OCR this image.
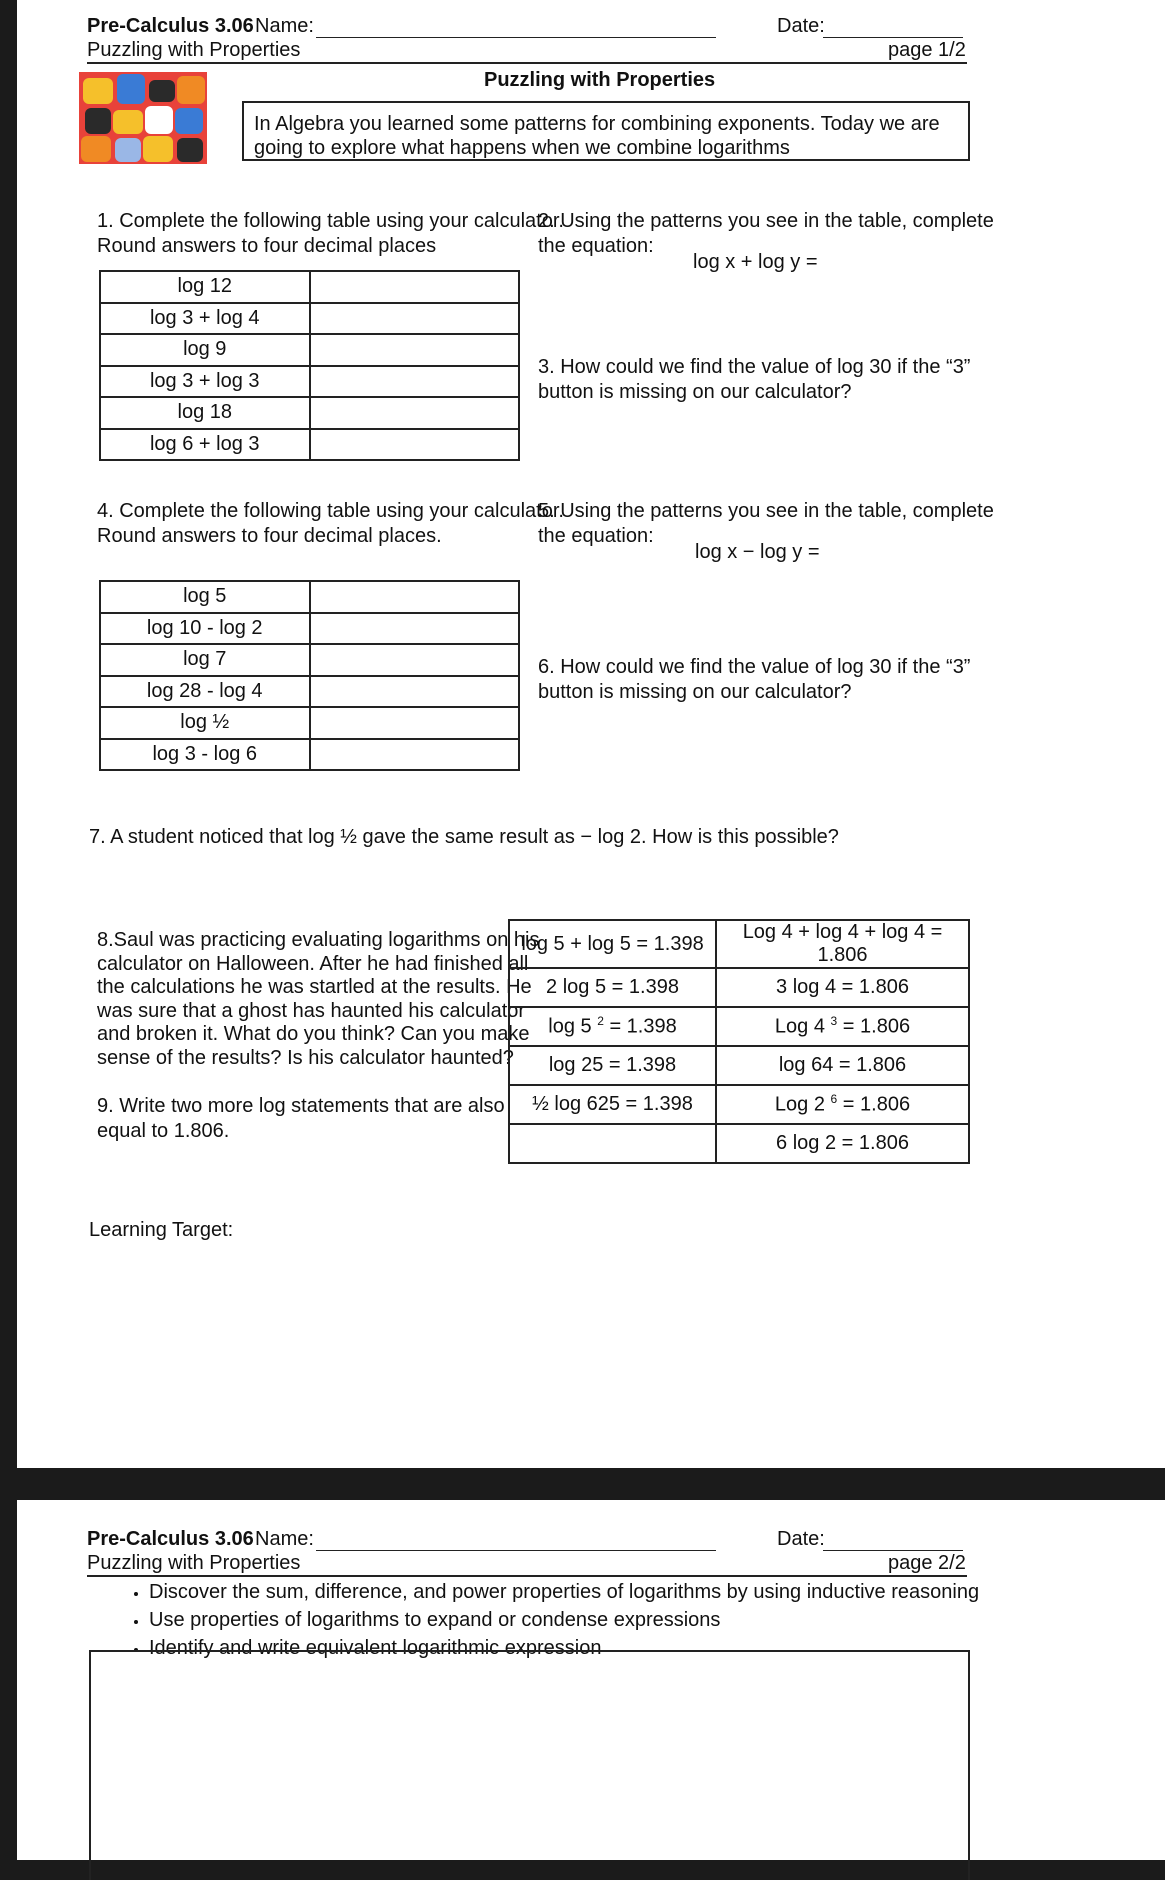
Pre-Calculus 3.06 Name:	Date:
Puzzling with Properties	page 1/2
Puzzling with Properties
In Algebra you learned some patterns for combining exponents. Today we are going to explore what happens when we combine logarithms
1. Complete the following table using your calculator.
Round answers to four decimal places
log 12	
log 3 + log 4	
log 9	
log 3 + log 3	
log 18	
log 6 + log 3	
2. Using the patterns you see in the table, complete
the equation:
log x + log y =
3. How could we find the value of log 30 if the “3”
button is missing on our calculator?
4. Complete the following table using your calculator.
Round answers to four decimal places.
log 5	
log 10 - log 2	
log 7	
log 28 - log 4	
log ½	
log 3 - log 6	
5. Using the patterns you see in the table, complete
the equation:
log x − log y =
6. How could we find the value of log 30 if the “3”
button is missing on our calculator?
7. A student noticed that log ½ gave the same result as − log 2. How is this possible?
8.Saul was practicing evaluating logarithms on his
calculator on Halloween. After he had finished all
the calculations he was startled at the results. He
was sure that a ghost has haunted his calculator
and broken it. What do you think? Can you make
sense of the results? Is his calculator haunted?
9. Write two more log statements that are also
equal to 1.806.
log 5 + log 5 = 1.398	Log 4 + log 4 + log 4 = 1.806
2 log 5 = 1.398	3 log 4 = 1.806
log 5 $^2$ = 1.398	Log 4 $^3$ = 1.806
log 25 = 1.398	log 64 = 1.806
½ log 625 = 1.398	Log 2 $^6$ = 1.806
	6 log 2 = 1.806
Learning Target:
Pre-Calculus 3.06 Name:	Date:
Puzzling with Properties	page 2/2
• Discover the sum, difference, and power properties of logarithms by using inductive reasoning
• Use properties of logarithms to expand or condense expressions
• Identify and write equivalent logarithmic expression
